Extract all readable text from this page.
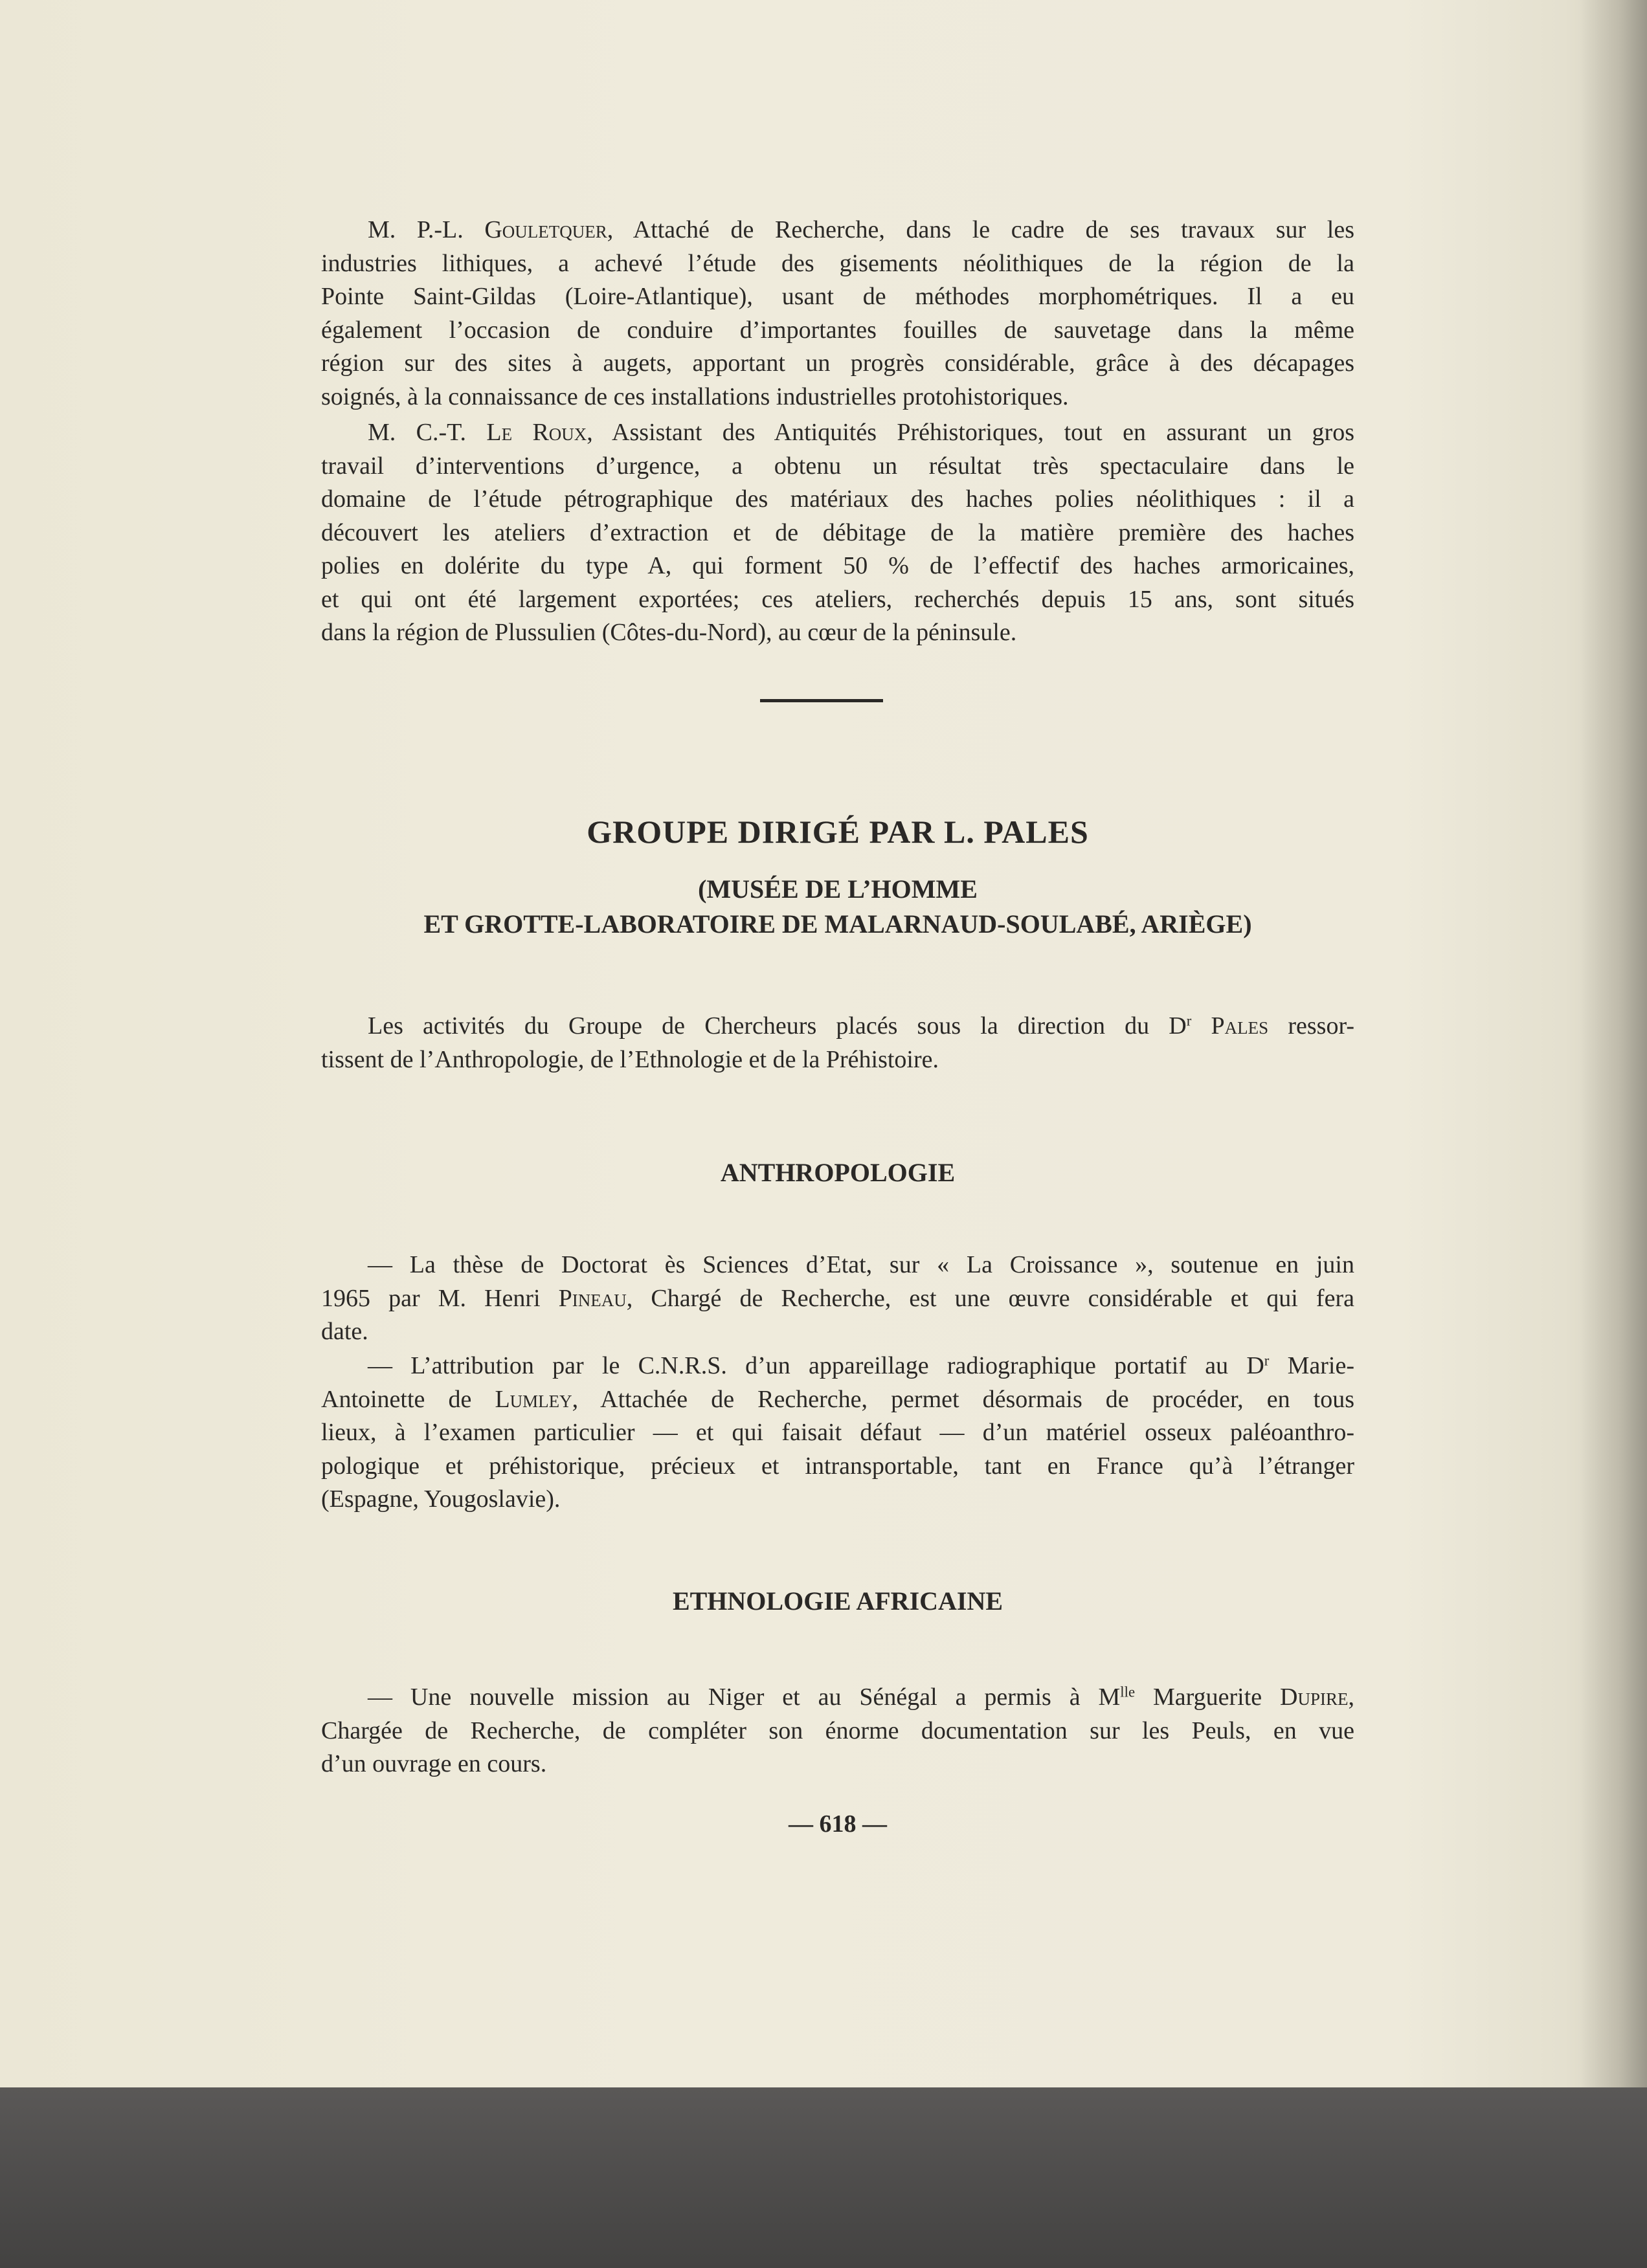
M. P.-L. Gouletquer, Attaché de Recherche, dans le cadre de ses travaux sur les
industries lithiques, a achevé l’étude des gisements néolithiques de la région de la
Pointe Saint-Gildas (Loire-Atlantique), usant de méthodes morphométriques. Il a eu
également l’occasion de conduire d’importantes fouilles de sauvetage dans la même
région sur des sites à augets, apportant un progrès considérable, grâce à des décapages
soignés, à la connaissance de ces installations industrielles protohistoriques.
M. C.-T. Le Roux, Assistant des Antiquités Préhistoriques, tout en assurant un gros
travail d’interventions d’urgence, a obtenu un résultat très spectaculaire dans le
domaine de l’étude pétrographique des matériaux des haches polies néolithiques : il a
découvert les ateliers d’extraction et de débitage de la matière première des haches
polies en dolérite du type A, qui forment 50 % de l’effectif des haches armoricaines,
et qui ont été largement exportées; ces ateliers, recherchés depuis 15 ans, sont situés
dans la région de Plussulien (Côtes-du-Nord), au cœur de la péninsule.
GROUPE DIRIGÉ PAR L. PALES
(MUSÉE DE L’HOMME
ET GROTTE-LABORATOIRE DE MALARNAUD-SOULABÉ, ARIÈGE)
Les activités du Groupe de Chercheurs placés sous la direction du $D^r$ Pales ressor-
tissent de l’Anthropologie, de l’Ethnologie et de la Préhistoire.
ANTHROPOLOGIE
— La thèse de Doctorat ès Sciences d’Etat, sur « La Croissance », soutenue en juin
1965 par M. Henri Pineau, Chargé de Recherche, est une œuvre considérable et qui fera
date.
— L’attribution par le C.N.R.S. d’un appareillage radiographique portatif au $D^r$ Marie-
Antoinette de Lumley, Attachée de Recherche, permet désormais de procéder, en tous
lieux, à l’examen particulier — et qui faisait défaut — d’un matériel osseux paléoanthro-
pologique et préhistorique, précieux et intransportable, tant en France qu’à l’étranger
(Espagne, Yougoslavie).
ETHNOLOGIE AFRICAINE
— Une nouvelle mission au Niger et au Sénégal a permis à $M^{lle}$ Marguerite Dupire,
Chargée de Recherche, de compléter son énorme documentation sur les Peuls, en vue
d’un ouvrage en cours.
— 618 —
